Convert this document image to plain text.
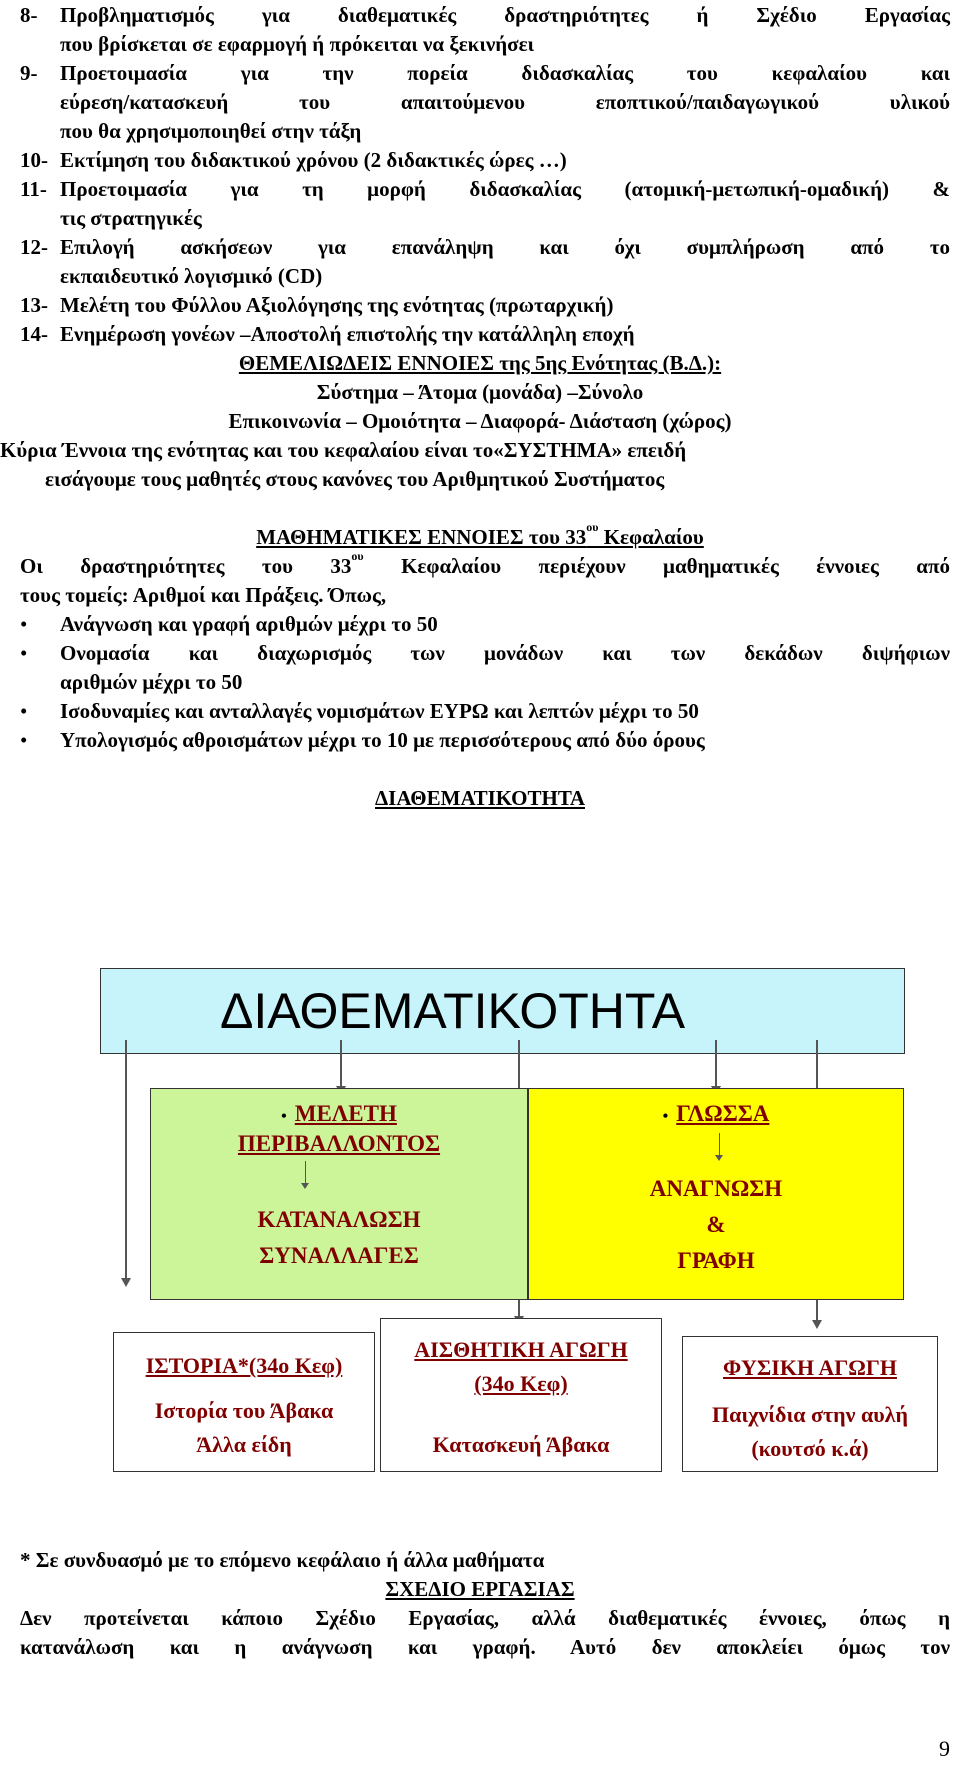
8- Προβληματισμός για διαθεματικές δραστηριότητες ή Σχέδιο Εργασίας
που βρίσκεται σε εφαρμογή ή πρόκειται να ξεκινήσει
9- Προετοιμασία για την πορεία διδασκαλίας του κεφαλαίου και
εύρεση/κατασκευή του απαιτούμενου εποπτικού/παιδαγωγικού υλικού
που θα χρησιμοποιηθεί στην τάξη
10- Εκτίμηση του διδακτικού χρόνου (2 διδακτικές ώρες …)
11- Προετοιμασία για τη μορφή διδασκαλίας (ατομική-μετωπική-ομαδική) &
τις στρατηγικές
12- Επιλογή ασκήσεων για επανάληψη και όχι συμπλήρωση από το
εκπαιδευτικό λογισμικό (CD)
13- Μελέτη του Φύλλου Αξιολόγησης της ενότητας (πρωταρχική)
14- Ενημέρωση γονέων –Αποστολή επιστολής την κατάλληλη εποχή
ΘΕΜΕΛΙΩΔΕΙΣ ΕΝΝΟΙΕΣ της 5ης Ενότητας (Β.Δ.):
Σύστημα – Άτομα (μονάδα) –Σύνολο
Επικοινωνία – Ομοιότητα – Διαφορά- Διάσταση (χώρος)
Κύρια Έννοια της ενότητας και του κεφαλαίου είναι το«ΣΥΣΤΗΜΑ» επειδή
εισάγουμε τους μαθητές στους κανόνες του Αριθμητικού Συστήματος
ΜΑΘΗΜΑΤΙΚΕΣ ΕΝΝΟΙΕΣ του $33^{o\upsilon}$ Κεφαλαίου
Οι δραστηριότητες του $33^{o\upsilon}$ Κεφαλαίου περιέχουν μαθηματικές έννοιες από
τους τομείς: Αριθμοί και Πράξεις. Όπως,
• Ανάγνωση και γραφή αριθμών μέχρι το 50
• Ονομασία και διαχωρισμός των μονάδων και των δεκάδων διψήφιων
αριθμών μέχρι το 50
• Ισοδυναμίες και ανταλλαγές νομισμάτων ΕΥΡΩ και λεπτών μέχρι το 50
• Υπολογισμός αθροισμάτων μέχρι το 10 με περισσότερους από δύο όρους
ΔΙΑΘΕΜΑΤΙΚΟΤΗΤΑ
ΔΙΑΘΕΜΑΤΙΚΟΤΗΤΑ
•  ΜΕΛΕΤΗ
ΠΕΡΙΒΑΛΛΟΝΤΟΣ
ΚΑΤΑΝΑΛΩΣΗ
ΣΥΝΑΛΛΑΓΕΣ
•  ΓΛΩΣΣΑ
ΑΝΑΓΝΩΣΗ
&
ΓΡΑΦΗ
ΙΣΤΟΡΙΑ*(34ο Κεφ)
Ιστορία του Άβακα
Άλλα είδη
ΑΙΣΘΗΤΙΚΗ ΑΓΩΓΗ
(34ο Κεφ)
Κατασκευή Άβακα
ΦΥΣΙΚΗ ΑΓΩΓΗ
Παιχνίδια στην αυλή
(κουτσό κ.ά)
* Σε συνδυασμό με το επόμενο κεφάλαιο ή άλλα μαθήματα
ΣΧΕΔΙΟ ΕΡΓΑΣΙΑΣ
Δεν προτείνεται κάποιο Σχέδιο Εργασίας, αλλά διαθεματικές έννοιες, όπως η
κατανάλωση και η ανάγνωση και γραφή. Αυτό δεν αποκλείει όμως τον
9
